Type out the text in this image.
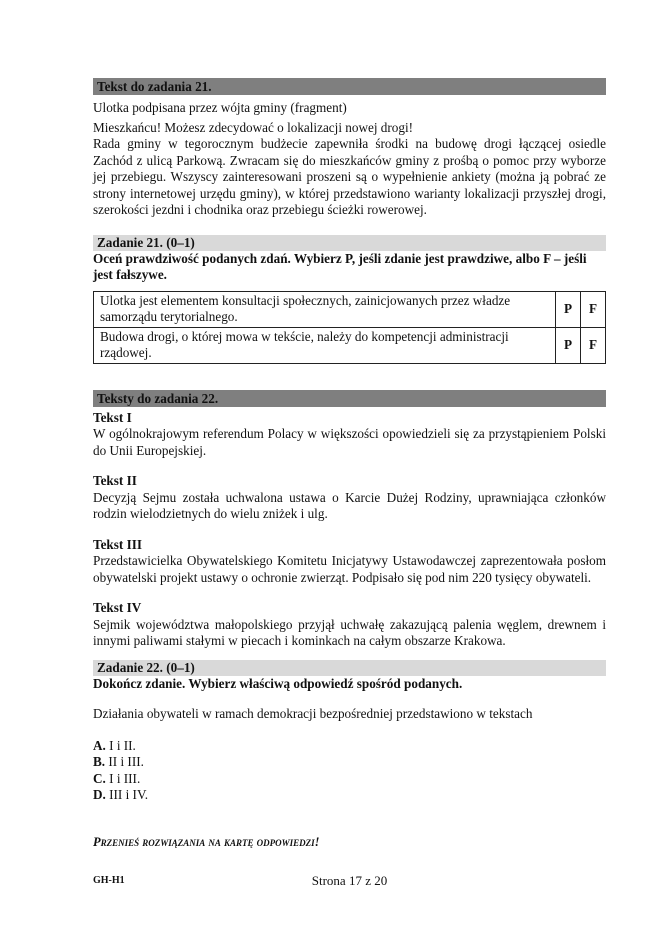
Tekst do zadania 21.

Ulotka podpisana przez wójta gminy (fragment)

Mieszkańcu! Możesz zdecydować o lokalizacji nowej drogi!

Rada gminy w tegorocznym budżecie zapewniła środki na budowę drogi łączącej osiedle Zachód z ulicą Parkową. Zwracam się do mieszkańców gminy z prośbą o pomoc przy wyborze jej przebiegu. Wszyscy zainteresowani proszeni są o wypełnienie ankiety (można ją pobrać ze strony internetowej urzędu gminy), w której przedstawiono warianty lokalizacji przyszłej drogi, szerokości jezdni i chodnika oraz przebiegu ścieżki rowerowej.

Zadanie 21. (0–1)

Oceń prawdziwość podanych zdań. Wybierz P, jeśli zdanie jest prawdziwe, albo F – jeśli jest fałszywe.

Ulotka jest elementem konsultacji społecznych, zainicjowanych przez władze samorządu terytorialnego.	P	F
Budowa drogi, o której mowa w tekście, należy do kompetencji administracji rządowej.	P	F
Teksty do zadania 22.

Tekst I

W ogólnokrajowym referendum Polacy w większości opowiedzieli się za przystąpieniem Polski do Unii Europejskiej.

Tekst II

Decyzją Sejmu została uchwalona ustawa o Karcie Dużej Rodziny, uprawniająca członków rodzin wielodzietnych do wielu zniżek i ulg.

Tekst III

Przedstawicielka Obywatelskiego Komitetu Inicjatywy Ustawodawczej zaprezentowała posłom obywatelski projekt ustawy o ochronie zwierząt. Podpisało się pod nim 220 tysięcy obywateli.

Tekst IV

Sejmik województwa małopolskiego przyjął uchwałę zakazującą palenia węglem, drewnem i innymi paliwami stałymi w piecach i kominkach na całym obszarze Krakowa.

Zadanie 22. (0–1)

Dokończ zdanie. Wybierz właściwą odpowiedź spośród podanych.

Działania obywateli w ramach demokracji bezpośredniej przedstawiono w tekstach

A. I i II.

B. II i III.

C. I i III.

D. III i IV.

Przenieś rozwiązania na kartę odpowiedzi!

GH-H1	Strona 17 z 20
